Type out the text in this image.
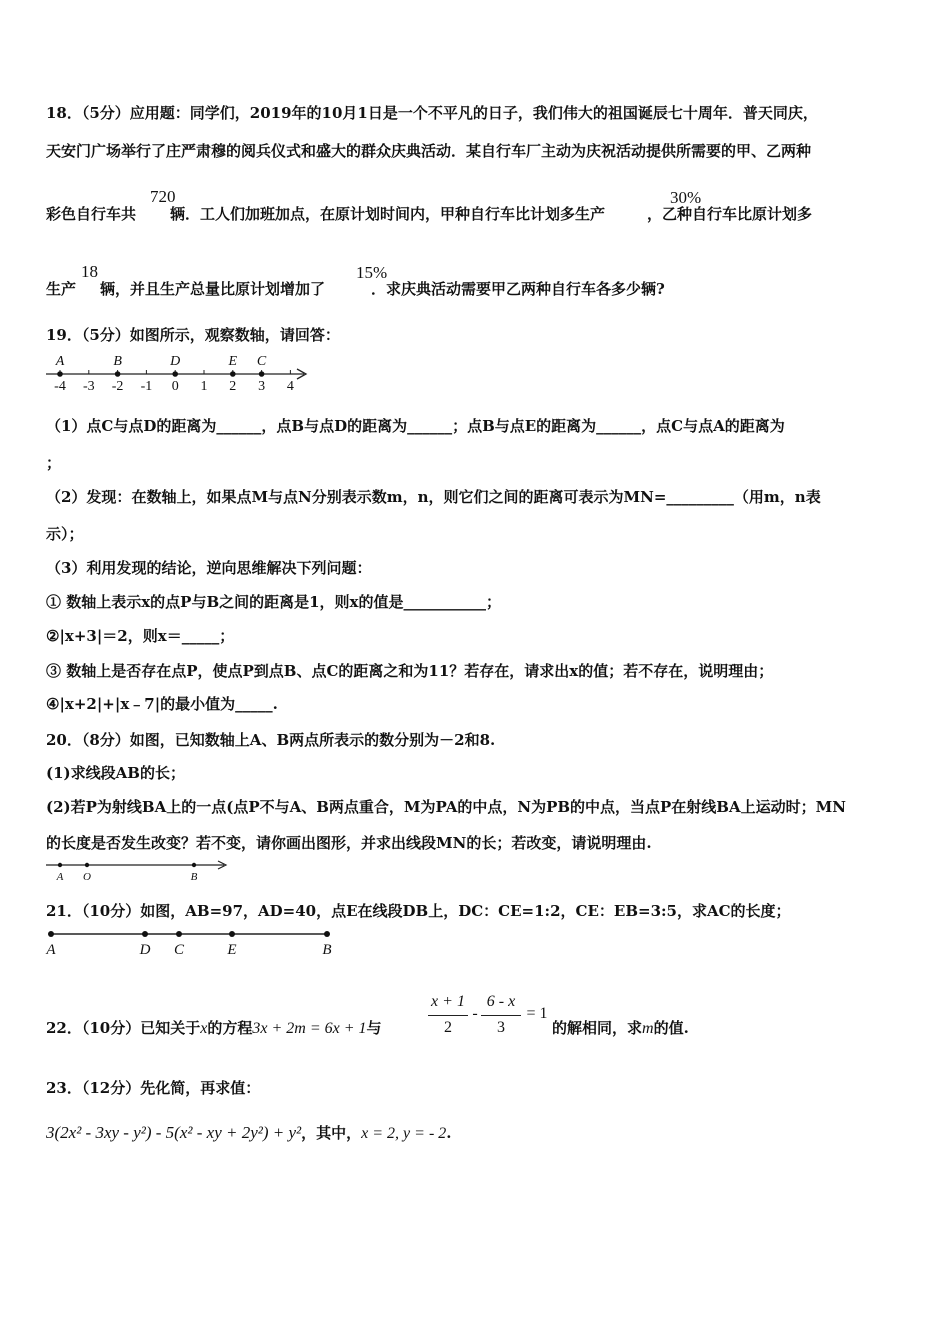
18．（5分）应用题：同学们，2019年的10月1日是一个不平凡的日子，我们伟大的祖国诞辰七十周年．普天同庆，
天安门广场举行了庄严肃穆的阅兵仪式和盛大的群众庆典活动．某自行车厂主动为庆祝活动提供所需要的甲、乙两种
彩色自行车共 辆．工人们加班加点，在原计划时间内，甲种自行车比计划多生产	，乙种自行车比原计划多
720	30%
生产 辆，并且生产总量比原计划增加了	．求庆典活动需要甲乙两种自行车各多少辆?
18	15%
19．（5分）如图所示，观察数轴，请回答：
-4 -3 -2 -1 0 1 2 3 4
A	B	D	E C
（1）点C与点D的距离为______，点B与点D的距离为______；点B与点E的距离为______，点C与点A的距离为
；
（2）发现：在数轴上，如果点M与点N分别表示数m，n，则它们之间的距离可表示为MN=_________（用m，n表
示）；
（3）利用发现的结论，逆向思维解决下列问题：
① 数轴上表示x的点P与B之间的距离是1，则x的值是___________；
②|x+3|＝2，则x＝_____；
③ 数轴上是否存在点P，使点P到点B、点C的距离之和为11？若存在，请求出x的值；若不存在，说明理由；
④|x+2|+|x﹣7|的最小值为_____.
20．（8分）如图，已知数轴上A、B两点所表示的数分别为－2和8.
(1)求线段AB的长；
(2)若P为射线BA上的一点(点P不与A、B两点重合，M为PA的中点，N为PB的中点，当点P在射线BA上运动时；MN
的长度是否发生改变？若不变，请你画出图形，并求出线段MN的长；若改变，请说明理由.
A O	B
21．（10分）如图，AB=97，AD=40，点E在线段DB上，DC：CE=1:2，CE：EB=3:5，求AC的长度；
A	D C	E	B
22．（10分）已知关于x的方程3x + 2m = 6x + 1与
x + 1
2
-
6 - x
3
= 1
的解相同，求m的值.
23．（12分）先化简，再求值：
3(2x² - 3xy - y²) - 5(x² - xy + 2y²) + y²，其中，x = 2, y = - 2.
